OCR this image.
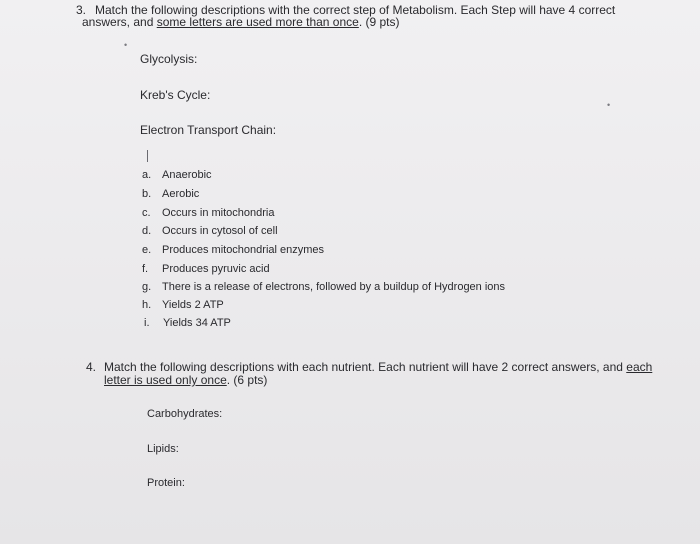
3. Match the following descriptions with the correct step of Metabolism. Each Step will have 4 correct
answers, and some letters are used more than once. (9 pts)
•
Glycolysis:
Kreb's Cycle:
Electron Transport Chain:
•
a. Anaerobic
b. Aerobic
c. Occurs in mitochondria
d. Occurs in cytosol of cell
e. Produces mitochondrial enzymes
f. Produces pyruvic acid
g. There is a release of electrons, followed by a buildup of Hydrogen ions
h. Yields 2 ATP
i. Yields 34 ATP
4. Match the following descriptions with each nutrient. Each nutrient will have 2 correct answers, and each
letter is used only once. (6 pts)
Carbohydrates:
Lipids:
Protein:
